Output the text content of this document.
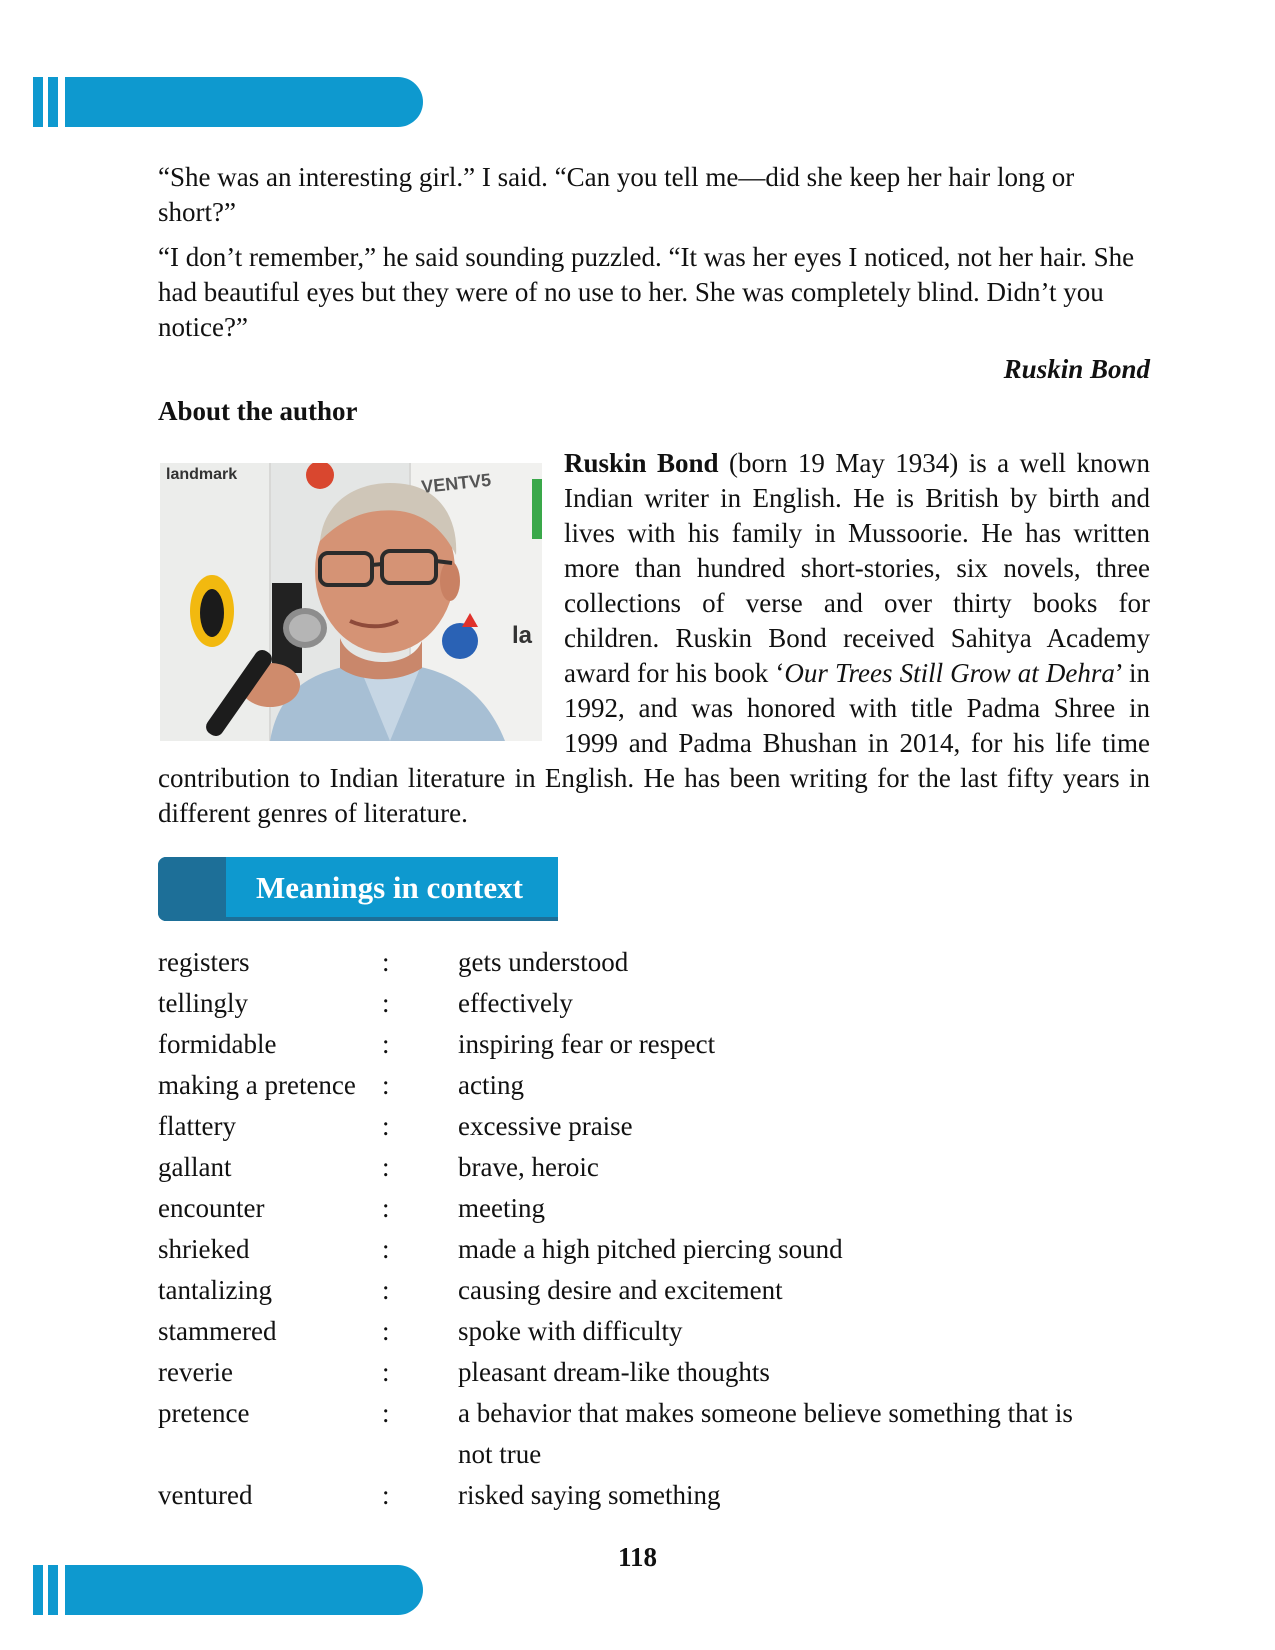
“She was an interesting girl.” I said. “Can you tell me—did she keep her hair long or short?”

“I don’t remember,” he said sounding puzzled. “It was her eyes I noticed, not her hair. She had beautiful eyes but they were of no use to her. She was completely blind. Didn’t you notice?”

Ruskin Bond
About the author
landmark	VENTV5
la

Ruskin Bond (born 19 May 1934) is a well known Indian writer in English. He is British by birth and lives with his family in Mussoorie. He has written more than hundred short-stories, six novels, three collections of verse and over thirty books for children. Ruskin Bond received Sahitya Academy award for his book ‘Our Trees Still Grow at Dehra’ in 1992, and was honored with title Padma Shree in 1999 and Padma Bhushan in 2014, for his life time contribution to Indian literature in English. He has been writing for the last fifty years in different genres of literature.

Meanings in context
registers	:	gets understood
tellingly	:	effectively
formidable	:	inspiring fear or respect
making a pretence :	acting
flattery	:	excessive praise
gallant	:	brave, heroic
encounter	:	meeting
shrieked	:	made a high pitched piercing sound
tantalizing	:	causing desire and excitement
stammered	:	spoke with difficulty
reverie	:	pleasant dream-like thoughts
pretence	:	a behavior that makes someone believe something that is not true
ventured	:	risked saying something
118
